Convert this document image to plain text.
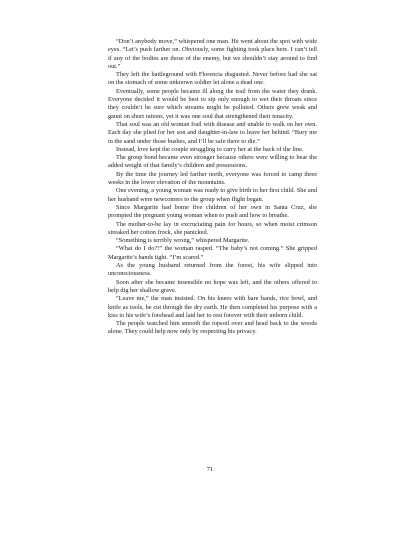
“Don’t anybody move,” whispered one man. He went about the spot with wide eyes. “Let’s push farther on. Obviously, some fighting took place here. I can’t tell if any of the bodies are those of the enemy, but we shouldn’t stay around to find out.”

They left the battleground with Florencia disgusted. Never before had she sat on the stomach of some unknown soldier let alone a dead one.

Eventually, some people became ill along the trail from the water they drank. Everyone decided it would be best to sip only enough to wet their throats since they couldn’t be sure which streams might be polluted. Others grew weak and gaunt on short rations, yet it was one soul that strengthened their tenacity.

That soul was an old woman frail with disease and unable to walk on her own. Each day she plied for her son and daughter-in-law to leave her behind. “Bury me in the sand under those bushes, and I’ll be safe there to die.”

Instead, love kept the couple struggling to carry her at the back of the line.

The group bond became even stronger because others were willing to bear the added weight of that family’s children and possessions.

By the time the journey led farther north, everyone was forced to camp three weeks in the lower elevation of the mountains.

One evening, a young woman was ready to give birth to her first child. She and her husband were newcomers to the group when flight began.

Since Margarite had borne five children of her own in Santa Cruz, she prompted the pregnant young woman when to push and how to breathe.

The mother-to-be lay in excruciating pain for hours, so when moist crimson streaked her cotton frock, she panicked.

“Something is terribly wrong,” whispered Margarite.

“What do I do?!” the woman rasped. “The baby’s not coming.” She gripped Margarite’s hands tight. “I’m scared.”

As the young husband returned from the forest, his wife slipped into unconsciousness.

Soon after she became insensible no hope was left, and the others offered to help dig her shallow grave.

“Leave me,” the man insisted. On his knees with bare hands, rice bowl, and knife as tools, he cut through the dry earth. He then completed his purpose with a kiss to his wife’s forehead and laid her to rest forever with their unborn child.

The people watched him smooth the topsoil over and head back to the woods alone. They could help now only by respecting his privacy.

71
